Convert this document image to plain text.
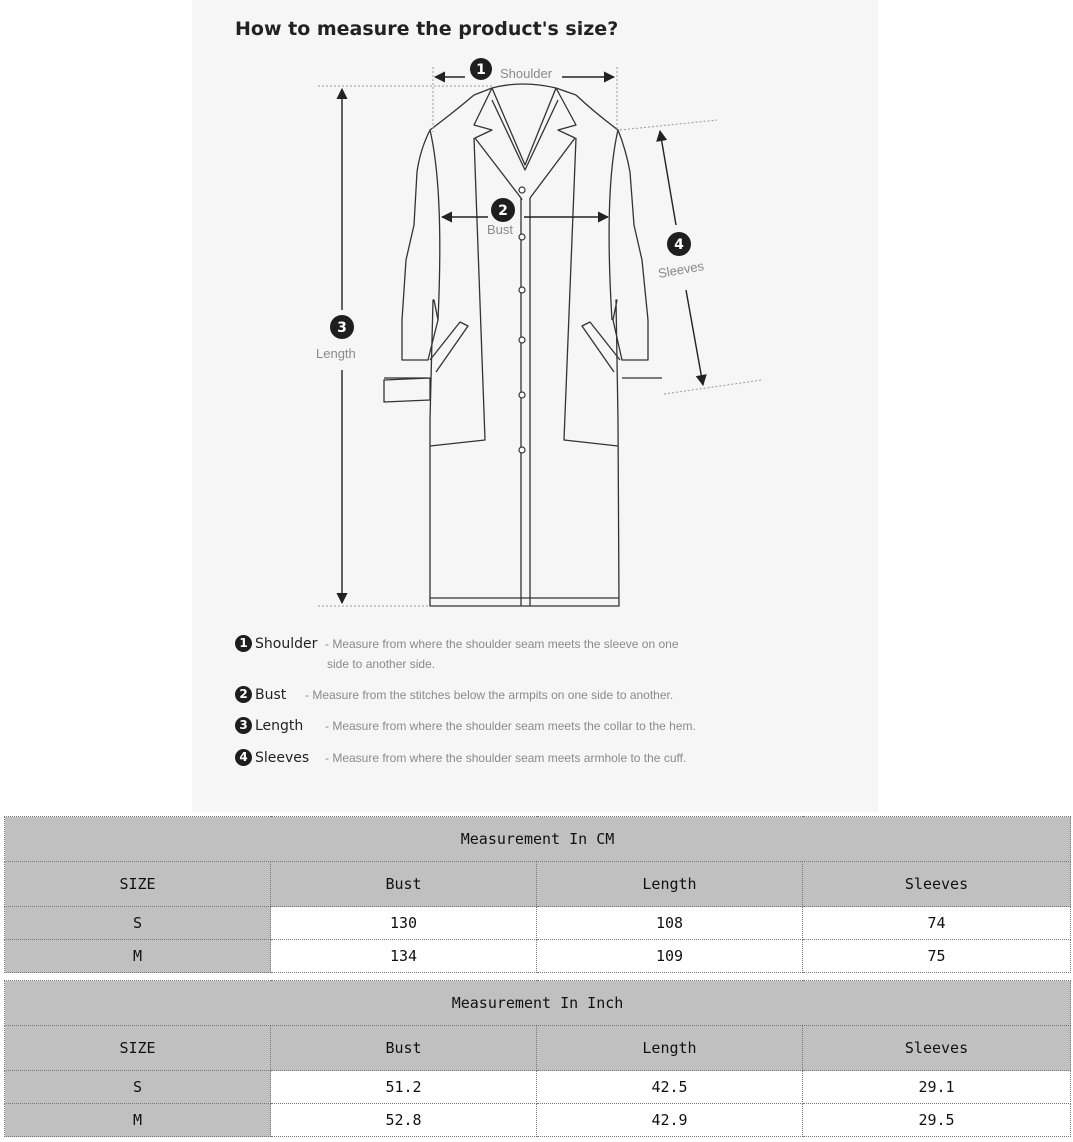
How to measure the product's size?
1
2
3
4
Shoulder
Bust
Length
Sleeves
1 Shoulder - Measure from where the shoulder seam meets the sleeve on one
side to another side.
2 Bust - Measure from the stitches below the armpits on one side to another.
3 Length - Measure from where the shoulder seam meets the collar to the hem.
4 Sleeves - Measure from where the shoulder seam meets armhole to the cuff.
Measurement In CM			
SIZE	Bust	Length	Sleeves
S	130	108	74
M	134	109	75
Measurement In Inch			
SIZE	Bust	Length	Sleeves
S	51.2	42.5	29.1
M	52.8	42.9	29.5
